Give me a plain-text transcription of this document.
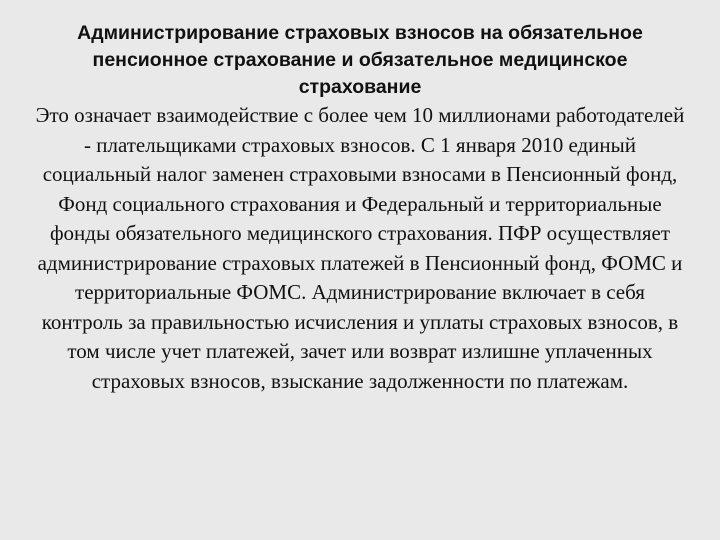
Администрирование страховых взносов на обязательное пенсионное страхование и обязательное медицинское страхование

Это означает взаимодействие с более чем 10 миллионами работодателей - плательщиками страховых взносов. С 1 января 2010 единый социальный налог заменен страховыми взносами в Пенсионный фонд, Фонд социального страхования и Федеральный и территориальные фонды обязательного медицинского страхования. ПФР осуществляет администрирование страховых платежей в Пенсионный фонд, ФОМС и территориальные ФОМС. Администрирование включает в себя контроль за правильностью исчисления и уплаты страховых взносов, в том числе учет платежей, зачет или возврат излишне уплаченных страховых взносов, взыскание задолженности по платежам.
